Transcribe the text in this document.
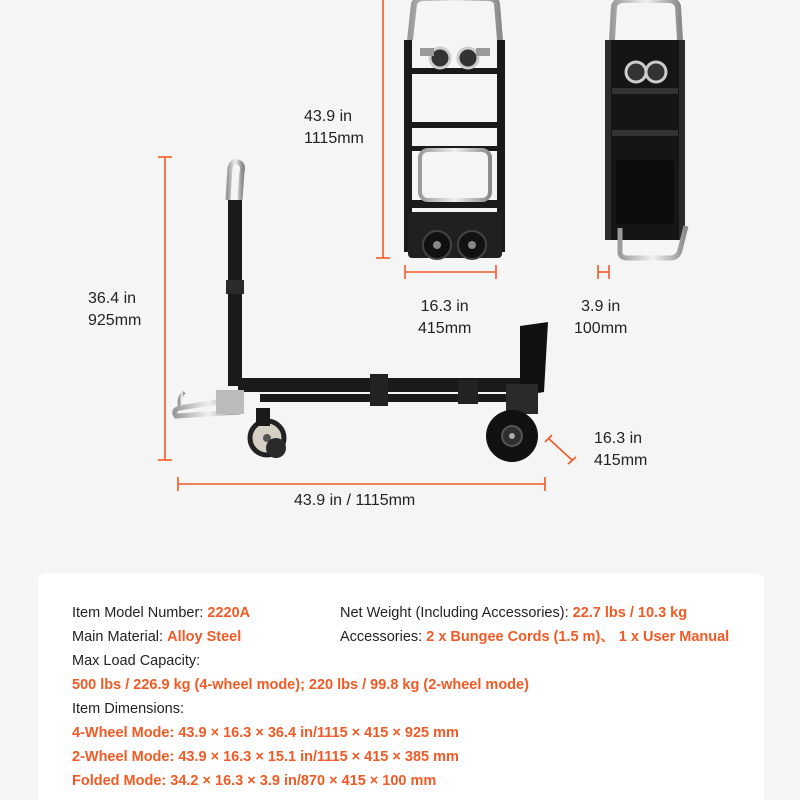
43.9 in
1115mm
36.4 in
925mm
16.3 in
415mm
3.9 in
100mm
16.3 in
415mm
43.9 in / 1115mm
Item Model Number: 2220A	Net Weight (Including Accessories): 22.7 lbs / 10.3 kg
Main Material: Alloy Steel	Accessories: 2 x Bungee Cords (1.5 m)、 1 x User Manual
Max Load Capacity:
500 lbs / 226.9 kg (4-wheel mode); 220 lbs / 99.8 kg (2-wheel mode)
Item Dimensions:
4-Wheel Mode: 43.9 × 16.3 × 36.4 in/1115 × 415 × 925 mm
2-Wheel Mode: 43.9 × 16.3 × 15.1 in/1115 × 415 × 385 mm
Folded Mode: 34.2 × 16.3 × 3.9 in/870 × 415 × 100 mm
